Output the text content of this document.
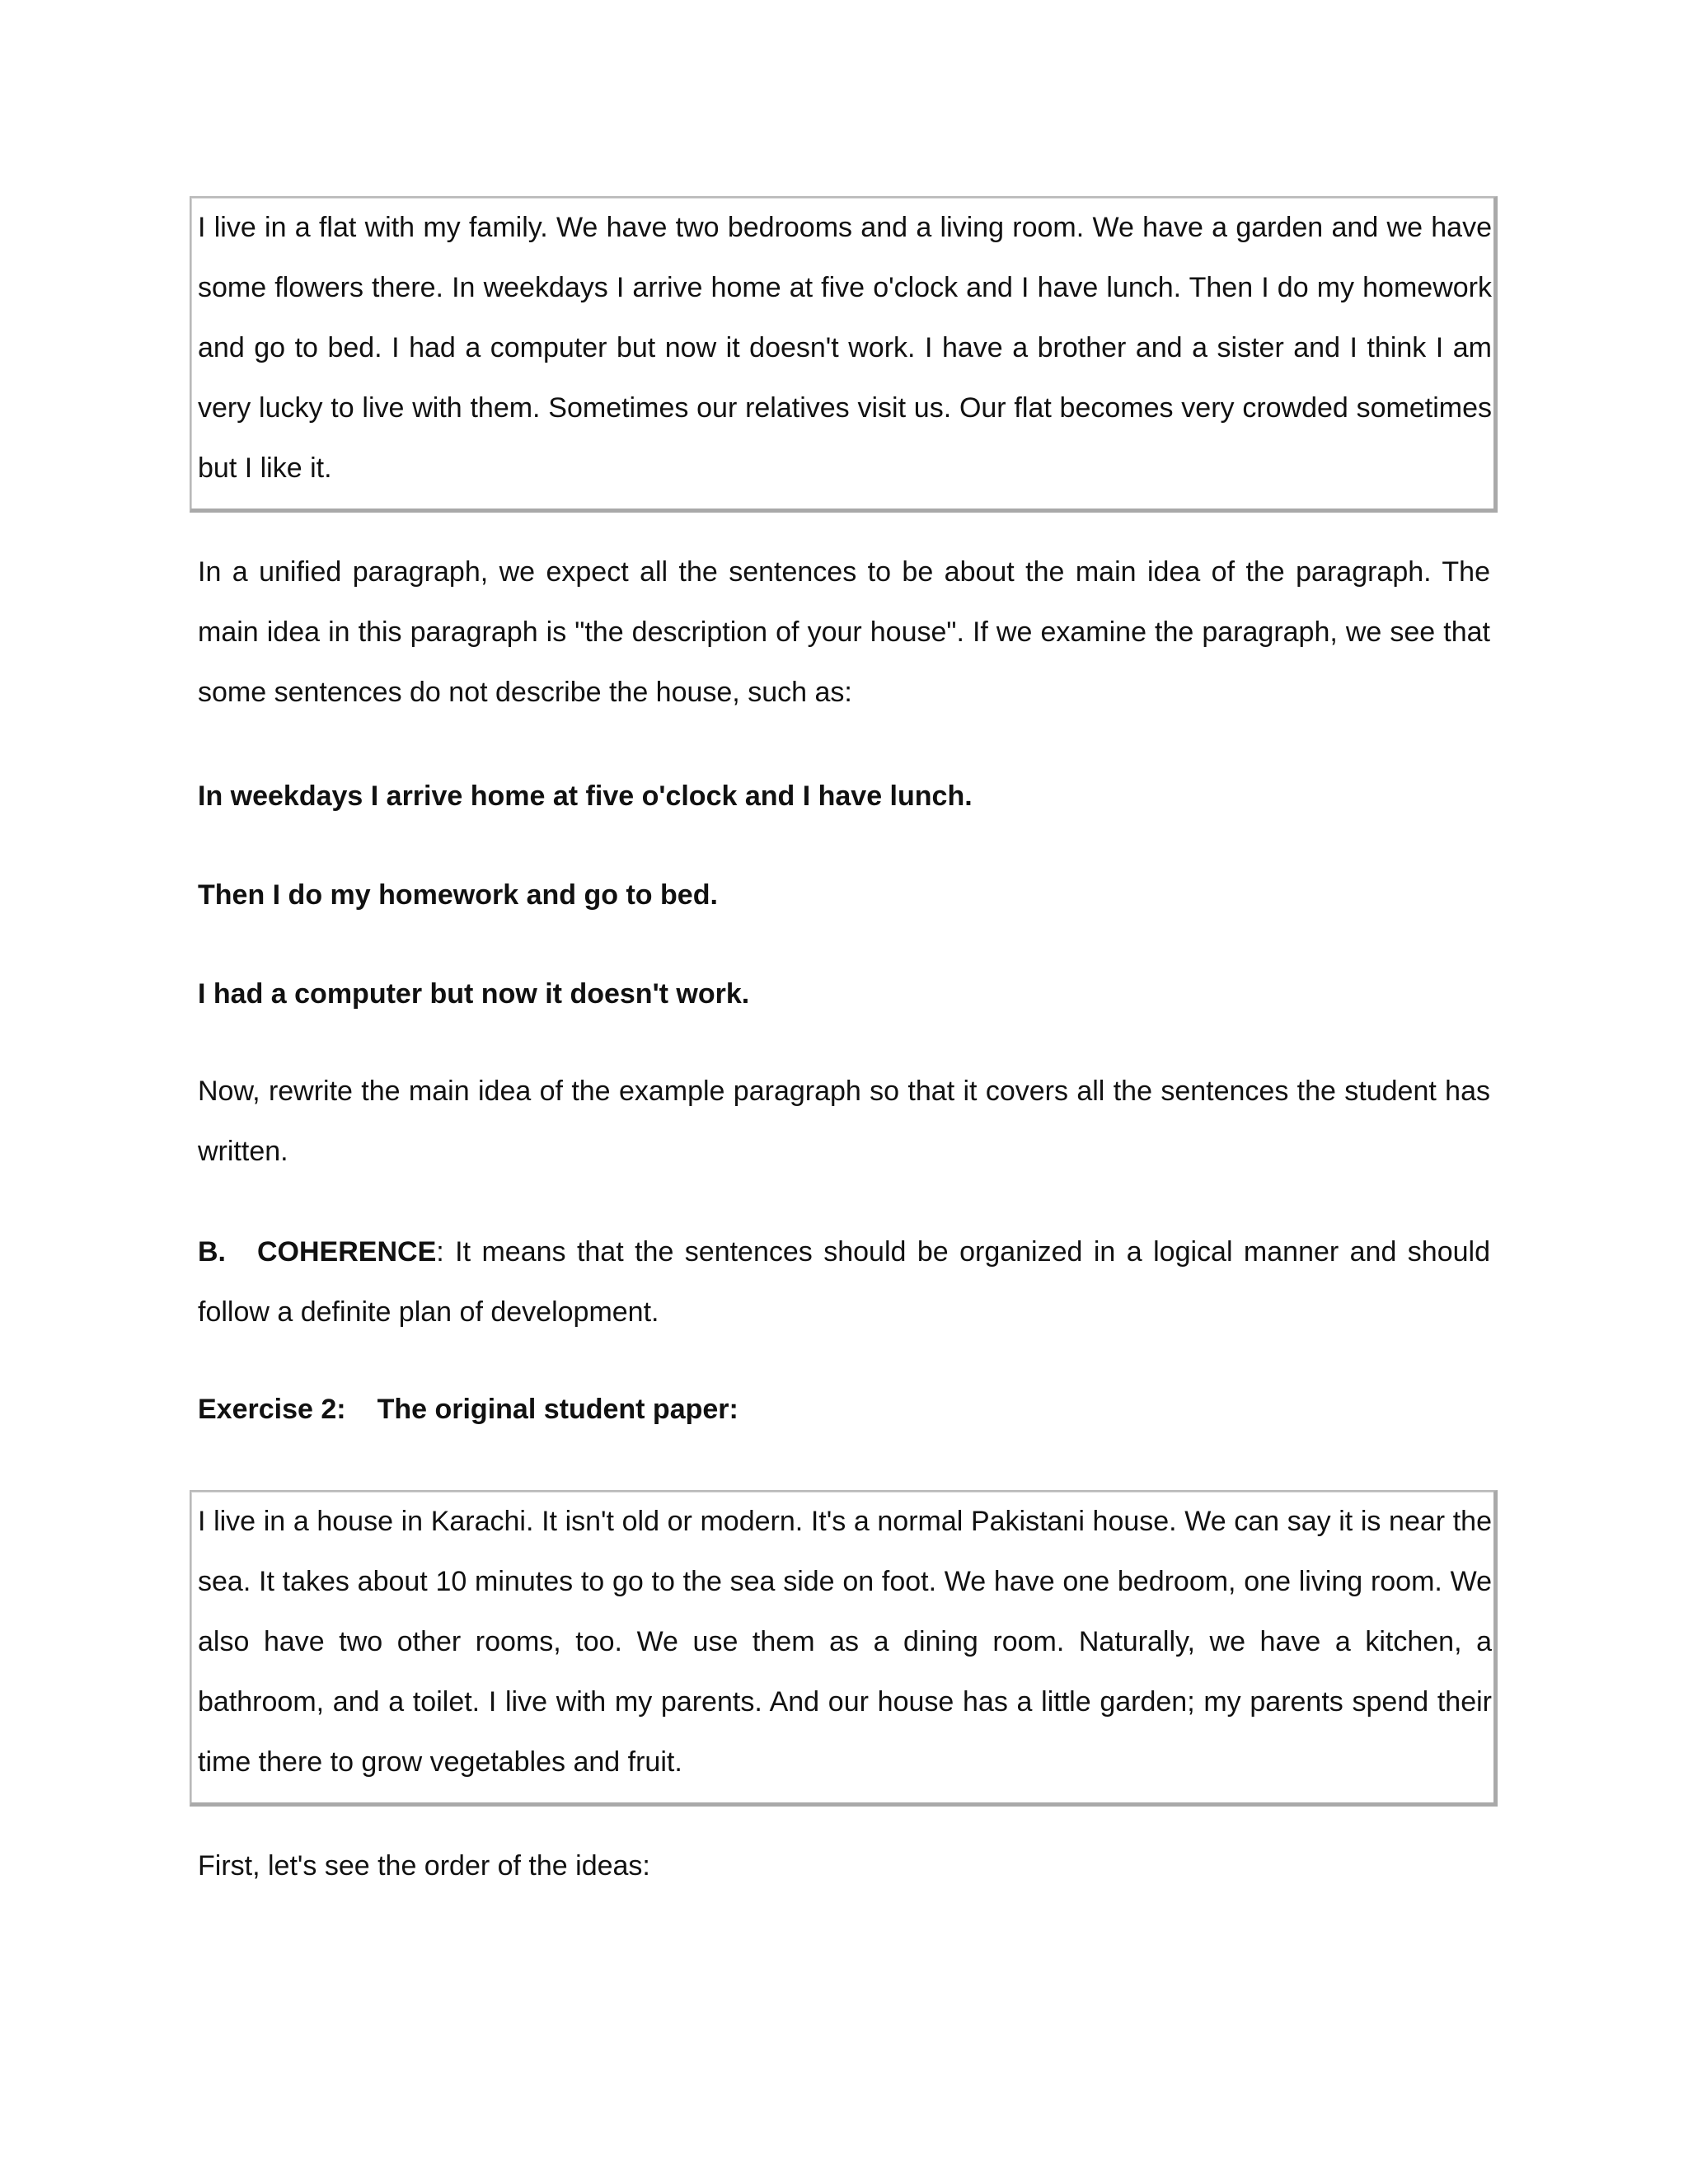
I live in a flat with my family. We have two bedrooms and a living room. We have a garden and we have some flowers there. In weekdays I arrive home at five o'clock and I have lunch. Then I do my homework and go to bed. I had a computer but now it doesn't work. I have a brother and a sister and I think I am very lucky to live with them. Sometimes our relatives visit us. Our flat becomes very crowded sometimes but I like it.

In a unified paragraph, we expect all the sentences to be about the main idea of the paragraph. The main idea in this paragraph is "the description of your house". If we examine the paragraph, we see that some sentences do not describe the house, such as:

In weekdays I arrive home at five o'clock and I have lunch.

Then I do my homework and go to bed.

I had a computer but now it doesn't work.

Now, rewrite the main idea of the example paragraph so that it covers all the sentences the student has written.

B. COHERENCE: It means that the sentences should be organized in a logical manner and should follow a definite plan of development.

Exercise 2: The original student paper:

I live in a house in Karachi. It isn't old or modern. It's a normal Pakistani house. We can say it is near the sea. It takes about 10 minutes to go to the sea side on foot. We have one bedroom, one living room. We also have two other rooms, too. We use them as a dining room. Naturally, we have a kitchen, a bathroom, and a toilet. I live with my parents. And our house has a little garden; my parents spend their time there to grow vegetables and fruit.

First, let's see the order of the ideas:
